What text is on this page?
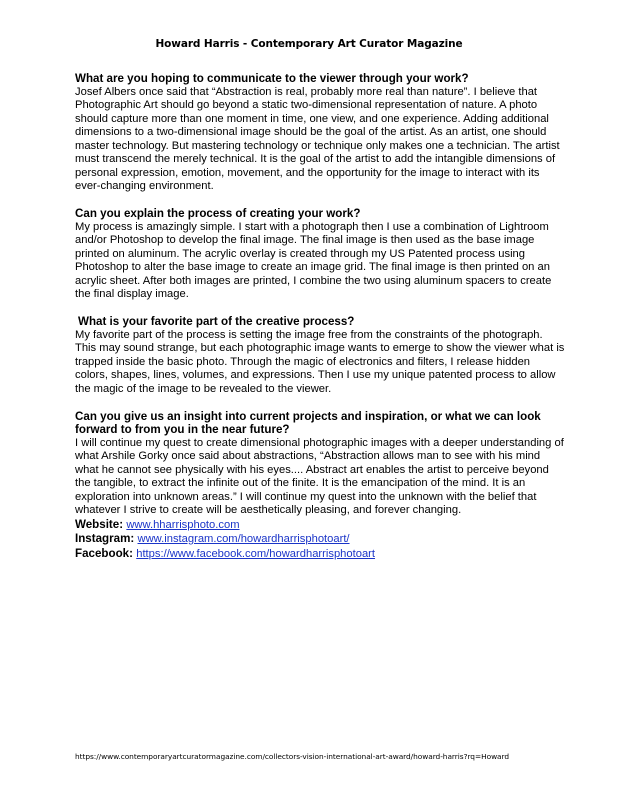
Howard Harris - Contemporary Art Curator Magazine

What are you hoping to communicate to the viewer through your work?

Josef Albers once said that “Abstraction is real, probably more real than nature”. I believe that Photographic Art should go beyond a static two-dimensional representation of nature. A photo should capture more than one moment in time, one view, and one experience. Adding additional dimensions to a two-dimensional image should be the goal of the artist. As an artist, one should master technology. But mastering technology or technique only makes one a technician. The artist must transcend the merely technical. It is the goal of the artist to add the intangible dimensions of personal expression, emotion, movement, and the opportunity for the image to interact with its ever-changing environment.

Can you explain the process of creating your work?

My process is amazingly simple. I start with a photograph then I use a combination of Lightroom and/or Photoshop to develop the final image. The final image is then used as the base image printed on aluminum. The acrylic overlay is created through my US Patented process using Photoshop to alter the base image to create an image grid. The final image is then printed on an acrylic sheet. After both images are printed, I combine the two using aluminum spacers to create the final display image.

What is your favorite part of the creative process?

My favorite part of the process is setting the image free from the constraints of the photograph. This may sound strange, but each photographic image wants to emerge to show the viewer what is trapped inside the basic photo. Through the magic of electronics and filters, I release hidden colors, shapes, lines, volumes, and expressions. Then I use my unique patented process to allow the magic of the image to be revealed to the viewer.

Can you give us an insight into current projects and inspiration, or what we can look forward to from you in the near future?

I will continue my quest to create dimensional photographic images with a deeper understanding of what Arshile Gorky once said about abstractions, “Abstraction allows man to see with his mind what he cannot see physically with his eyes.... Abstract art enables the artist to perceive beyond the tangible, to extract the infinite out of the finite. It is the emancipation of the mind. It is an exploration into unknown areas.” I will continue my quest into the unknown with the belief that whatever I strive to create will be aesthetically pleasing, and forever changing.

Website: www.hharrisphoto.com

Instagram: www.instagram.com/howardharrisphotoart/

Facebook: https://www.facebook.com/howardharrisphotoart

https://www.contemporaryartcuratormagazine.com/collectors-vision-international-art-award/howard-harris?rq=Howard
